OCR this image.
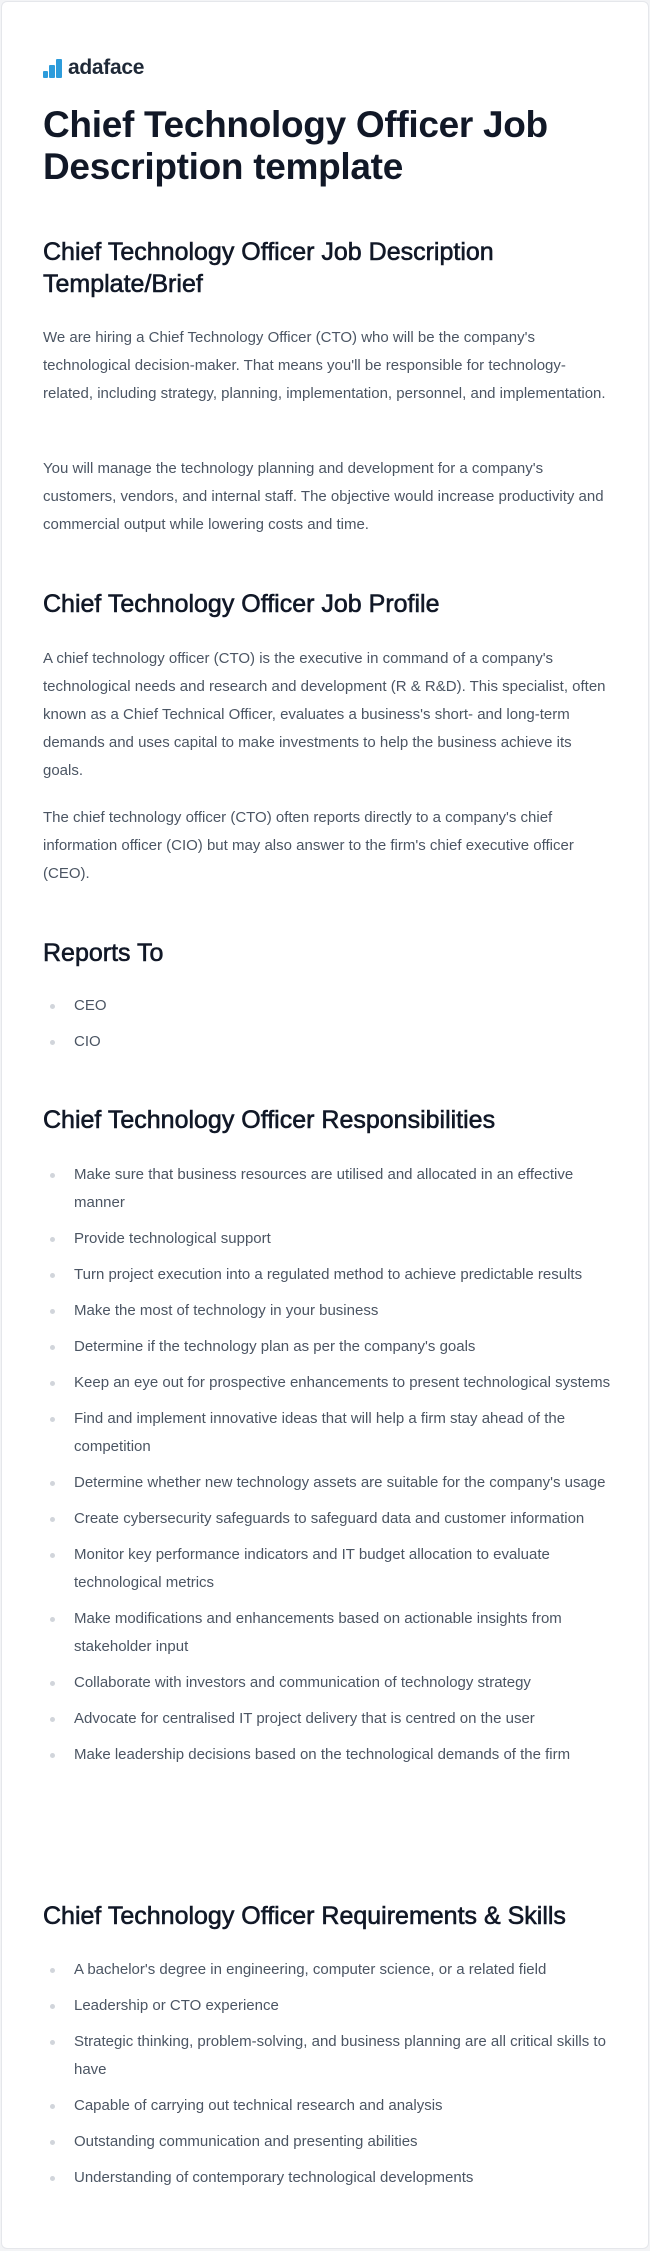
adaface
Chief Technology Officer Job Description template
Chief Technology Officer Job Description Template/Brief

We are hiring a Chief Technology Officer (CTO) who will be the company's technological decision-maker. That means you'll be responsible for technology-related, including strategy, planning, implementation, personnel, and implementation.

You will manage the technology planning and development for a company's customers, vendors, and internal staff. The objective would increase productivity and commercial output while lowering costs and time.

Chief Technology Officer Job Profile

A chief technology officer (CTO) is the executive in command of a company's technological needs and research and development (R & R&D). This specialist, often known as a Chief Technical Officer, evaluates a business's short- and long-term demands and uses capital to make investments to help the business achieve its goals.

The chief technology officer (CTO) often reports directly to a company's chief information officer (CIO) but may also answer to the firm's chief executive officer (CEO).

Reports To
CEO
CIO
Chief Technology Officer Responsibilities
Make sure that business resources are utilised and allocated in an effective manner
Provide technological support
Turn project execution into a regulated method to achieve predictable results
Make the most of technology in your business
Determine if the technology plan as per the company's goals
Keep an eye out for prospective enhancements to present technological systems
Find and implement innovative ideas that will help a firm stay ahead of the competition
Determine whether new technology assets are suitable for the company's usage
Create cybersecurity safeguards to safeguard data and customer information
Monitor key performance indicators and IT budget allocation to evaluate technological metrics
Make modifications and enhancements based on actionable insights from stakeholder input
Collaborate with investors and communication of technology strategy
Advocate for centralised IT project delivery that is centred on the user
Make leadership decisions based on the technological demands of the firm
Chief Technology Officer Requirements & Skills
A bachelor's degree in engineering, computer science, or a related field
Leadership or CTO experience
Strategic thinking, problem-solving, and business planning are all critical skills to have
Capable of carrying out technical research and analysis
Outstanding communication and presenting abilities
Understanding of contemporary technological developments
